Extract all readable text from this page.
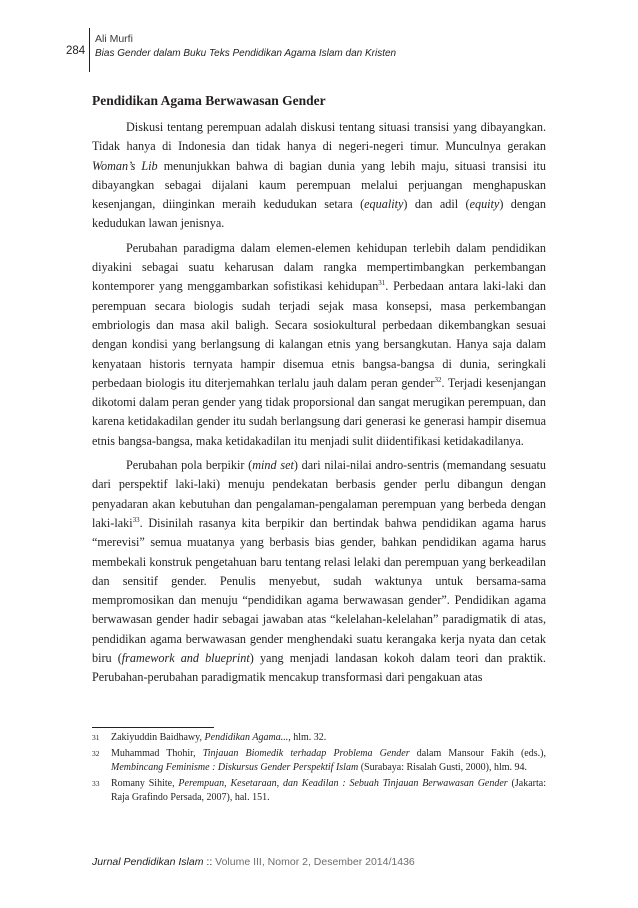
284
Ali Murfi
Bias Gender dalam Buku Teks Pendidikan Agama Islam dan Kristen
Pendidikan Agama Berwawasan Gender

Diskusi tentang perempuan adalah diskusi tentang situasi transisi yang dibayangkan. Tidak hanya di Indonesia dan tidak hanya di negeri-negeri timur. Munculnya gerakan Woman’s Lib menunjukkan bahwa di bagian dunia yang lebih maju, situasi transisi itu dibayangkan sebagai dijalani kaum perempuan melalui perjuangan menghapuskan kesenjangan, diinginkan meraih kedudukan setara (equality) dan adil (equity) dengan kedudukan lawan jenisnya.

Perubahan paradigma dalam elemen-elemen kehidupan terlebih dalam pendidikan diyakini sebagai suatu keharusan dalam rangka mempertimbangkan perkembangan kontemporer yang menggambarkan sofistikasi kehidupan$^{31}$. Perbedaan antara laki-laki dan perempuan secara biologis sudah terjadi sejak masa konsepsi, masa perkembangan embriologis dan masa akil baligh. Secara sosiokultural perbedaan dikembangkan sesuai dengan kondisi yang berlangsung di kalangan etnis yang bersangkutan. Hanya saja dalam kenyataan historis ternyata hampir disemua etnis bangsa-bangsa di dunia, seringkali perbedaan biologis itu diterjemahkan terlalu jauh dalam peran gender$^{32}$. Terjadi kesenjangan dikotomi dalam peran gender yang tidak proporsional dan sangat merugikan perempuan, dan karena ketidakadilan gender itu sudah berlangsung dari generasi ke generasi hampir disemua etnis bangsa-bangsa, maka ketidakadilan itu menjadi sulit diidentifikasi ketidakadilanya.

Perubahan pola berpikir (mind set) dari nilai-nilai andro-sentris (memandang sesuatu dari perspektif laki-laki) menuju pendekatan berbasis gender perlu dibangun dengan penyadaran akan kebutuhan dan pengalaman-pengalaman perempuan yang berbeda dengan laki-laki$^{33}$. Disinilah rasanya kita berpikir dan bertindak bahwa pendidikan agama harus “merevisi” semua muatanya yang berbasis bias gender, bahkan pendidikan agama harus membekali konstruk pengetahuan baru tentang relasi lelaki dan perempuan yang berkeadilan dan sensitif gender. Penulis menyebut, sudah waktunya untuk bersama-sama mempromosikan dan menuju “pendidikan agama berwawasan gender”. Pendidikan agama berwawasan gender hadir sebagai jawaban atas “kelelahan-kelelahan” paradigmatik di atas, pendidikan agama berwawasan gender menghendaki suatu kerangaka kerja nyata dan cetak biru (framework and blueprint) yang menjadi landasan kokoh dalam teori dan praktik. Perubahan-perubahan paradigmatik mencakup transformasi dari pengakuan atas

31 Zakiyuddin Baidhawy, Pendidikan Agama..., hlm. 32.
32 Muhammad Thohir, Tinjauan Biomedik terhadap Problema Gender dalam Mansour Fakih (eds.), Membincang Feminisme : Diskursus Gender Perspektif Islam (Surabaya: Risalah Gusti, 2000), hlm. 94.
33 Romany Sihite, Perempuan, Kesetaraan, dan Keadilan : Sebuah Tinjauan Berwawasan Gender (Jakarta: Raja Grafindo Persada, 2007), hal. 151.
Jurnal Pendidikan Islam :: Volume III, Nomor 2, Desember 2014/1436
